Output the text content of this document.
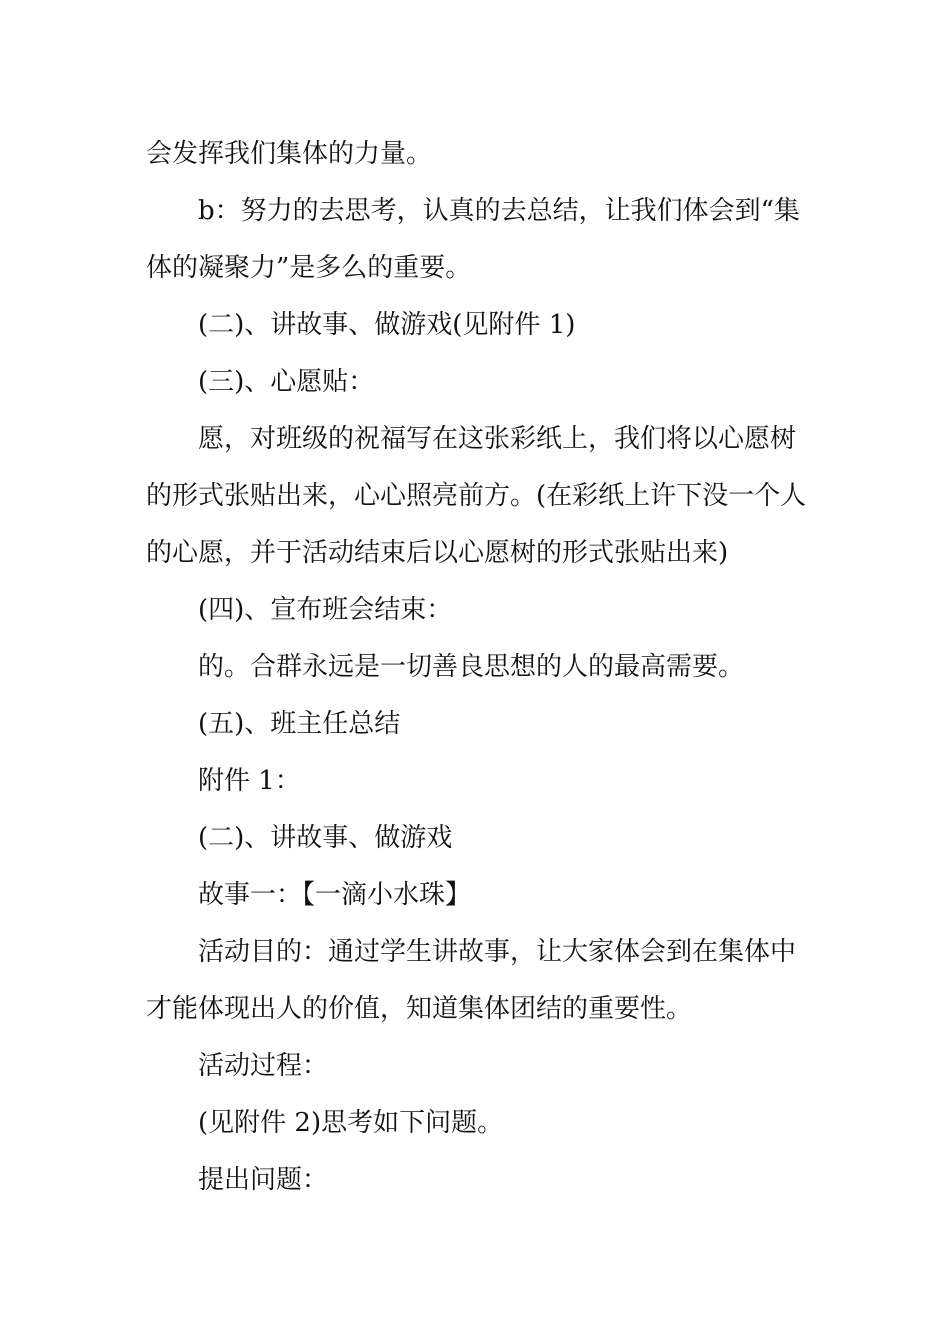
会发挥我们集体的力量。

b：努力的去思考，认真的去总结，让我们体会到“集体的凝聚力”是多么的重要。

(二)、讲故事、做游戏(见附件 1)

(三)、心愿贴：

愿，对班级的祝福写在这张彩纸上，我们将以心愿树的形式张贴出来，心心照亮前方。(在彩纸上许下没一个人的心愿，并于活动结束后以心愿树的形式张贴出来)

(四)、宣布班会结束：

的。合群永远是一切善良思想的人的最高需要。

(五)、班主任总结

附件 1：

(二)、讲故事、做游戏

故事一：【一滴小水珠】

活动目的：通过学生讲故事，让大家体会到在集体中才能体现出人的价值，知道集体团结的重要性。

活动过程：

(见附件 2)思考如下问题。

提出问题：
